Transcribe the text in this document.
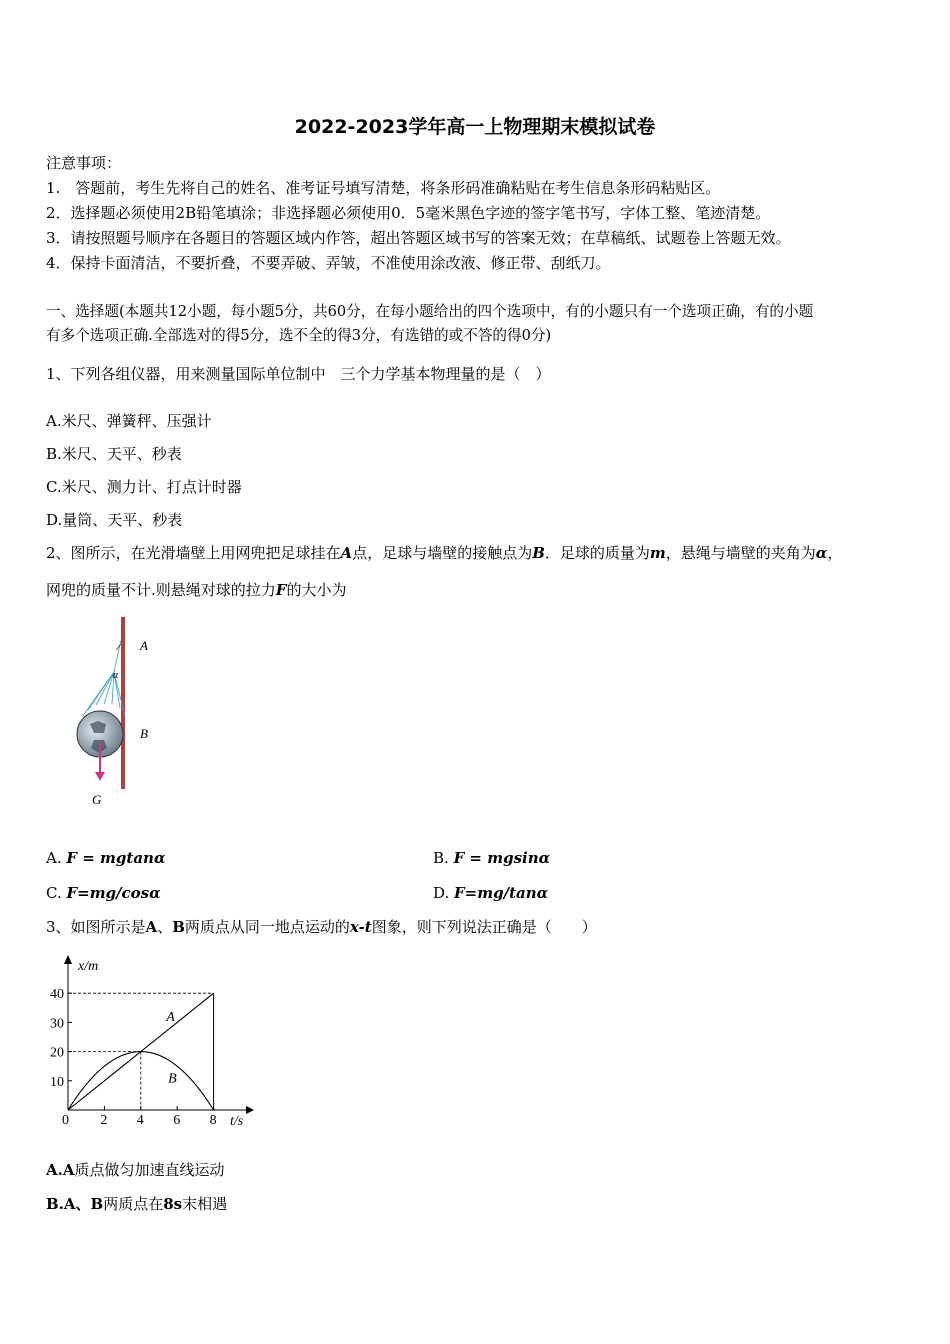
2022-2023学年高一上物理期末模拟试卷
注意事项：
1.　答题前，考生先将自己的姓名、准考证号填写清楚，将条形码准确粘贴在考生信息条形码粘贴区。
2．选择题必须使用2B铅笔填涂；非选择题必须使用0．5毫米黑色字迹的签字笔书写，字体工整、笔迹清楚。
3．请按照题号顺序在各题目的答题区域内作答，超出答题区域书写的答案无效；在草稿纸、试题卷上答题无效。
4．保持卡面清洁，不要折叠，不要弄破、弄皱，不准使用涂改液、修正带、刮纸刀。
一、选择题(本题共12小题，每小题5分，共60分，在每小题给出的四个选项中，有的小题只有一个选项正确，有的小题
有多个选项正确.全部选对的得5分，选不全的得3分，有选错的或不答的得0分)
1、下列各组仪器，用来测量国际单位制中　三个力学基本物理量的是（　）
A.米尺、弹簧秤、压强计
B.米尺、天平、秒表
C.米尺、测力计、打点计时器
D.量筒、天平、秒表
2、图所示，在光滑墙壁上用网兜把足球挂在A点，足球与墙壁的接触点为B．足球的质量为m，悬绳与墙壁的夹角为α，
网兜的质量不计.则悬绳对球的拉力F的大小为
A
α
B
G
A. F = mgtanα	B. F = mgsinα
C. F=mg/cosα	D. F=mg/tanα
3、如图所示是A、B两质点从同一地点运动的x-t图象，则下列说法正确是（　　）
x/m
t/s
A
B
0 2 4 6 8
10
20
30
40
A.A质点做匀加速直线运动
B.A、B两质点在8s末相遇
